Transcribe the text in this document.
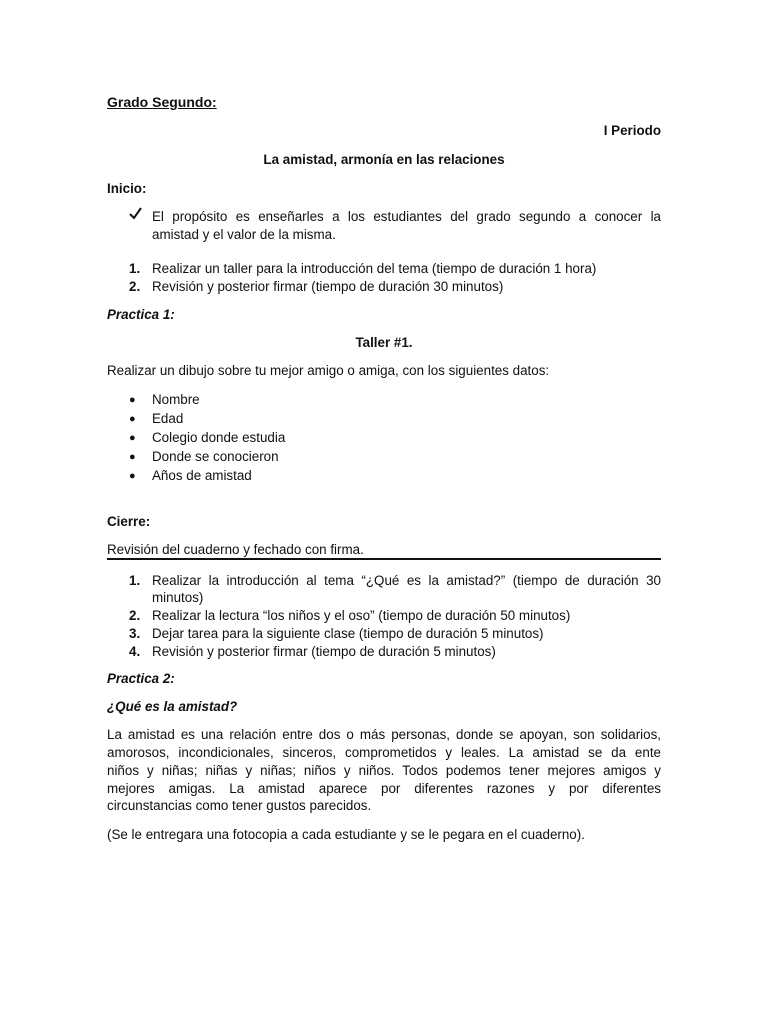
Grado Segundo:
I Periodo
La amistad, armonía en las relaciones
Inicio:
El propósito es enseñarles a los estudiantes del grado segundo a conocer la
amistad y el valor de la misma.
1. Realizar un taller para la introducción del tema (tiempo de duración 1 hora)
2. Revisión y posterior firmar (tiempo de duración 30 minutos)
Practica 1:
Taller #1.
Realizar un dibujo sobre tu mejor amigo o amiga, con los siguientes datos:
● Nombre
● Edad
● Colegio donde estudia
● Donde se conocieron
● Años de amistad
Cierre:
Revisión del cuaderno y fechado con firma.
1. Realizar la introducción al tema “¿Qué es la amistad?” (tiempo de duración 30
minutos)
2. Realizar la lectura “los niños y el oso” (tiempo de duración 50 minutos)
3. Dejar tarea para la siguiente clase (tiempo de duración 5 minutos)
4. Revisión y posterior firmar (tiempo de duración 5 minutos)
Practica 2:
¿Qué es la amistad?
La amistad es una relación entre dos o más personas, donde se apoyan, son solidarios,
amorosos, incondicionales, sinceros, comprometidos y leales. La amistad se da ente
niños y niñas; niñas y niñas; niños y niños. Todos podemos tener mejores amigos y
mejores amigas. La amistad aparece por diferentes razones y por diferentes
circunstancias como tener gustos parecidos.
(Se le entregara una fotocopia a cada estudiante y se le pegara en el cuaderno).
